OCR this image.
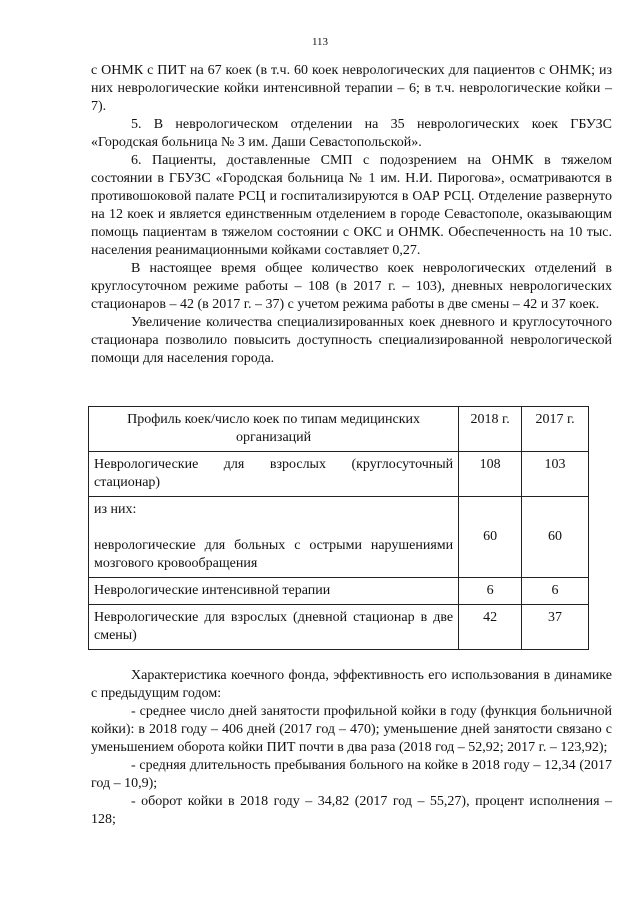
113

с ОНМК с ПИТ на 67 коек (в т.ч. 60 коек неврологических для пациентов с ОНМК; из них неврологические койки интенсивной терапии – 6; в т.ч. неврологические койки – 7).

5. В неврологическом отделении на 35 неврологических коек ГБУЗС «Городская больница № 3 им. Даши Севастопольской».

6. Пациенты, доставленные СМП с подозрением на ОНМК в тяжелом состоянии в ГБУЗС «Городская больница № 1 им. Н.И. Пирогова», осматриваются в противошоковой палате РСЦ и госпитализируются в ОАР РСЦ. Отделение развернуто на 12 коек и является единственным отделением в городе Севастополе, оказывающим помощь пациентам в тяжелом состоянии с ОКС и ОНМК. Обеспеченность на 10 тыс. населения реанимационными койками составляет 0,27.

В настоящее время общее количество коек неврологических отделений в круглосуточном режиме работы – 108 (в 2017 г. – 103), дневных неврологических стационаров – 42 (в 2017 г. – 37) с учетом режима работы в две смены – 42 и 37 коек.

Увеличение количества специализированных коек дневного и круглосуточного стационара позволило повысить доступность специализированной неврологической помощи для населения города.

Профиль коек/число коек по типам медицинских организаций	2018 г.	2017 г.
Неврологические для взрослых (круглосуточный стационар)	108	103
из них:
неврологические для больных с острыми нарушениями мозгового кровообращения	60	60
Неврологические интенсивной терапии	6	6
Неврологические для взрослых (дневной стационар в две смены)	42	37

Характеристика коечного фонда, эффективность его использования в динамике с предыдущим годом:

- среднее число дней занятости профильной койки в году (функция больничной койки): в 2018 году – 406 дней (2017 год – 470); уменьшение дней занятости связано с уменьшением оборота койки ПИТ почти в два раза (2018 год – 52,92; 2017 г. – 123,92);

- средняя длительность пребывания больного на койке в 2018 году – 12,34 (2017 год – 10,9);

- оборот койки в 2018 году – 34,82 (2017 год – 55,27), процент исполнения – 128;
